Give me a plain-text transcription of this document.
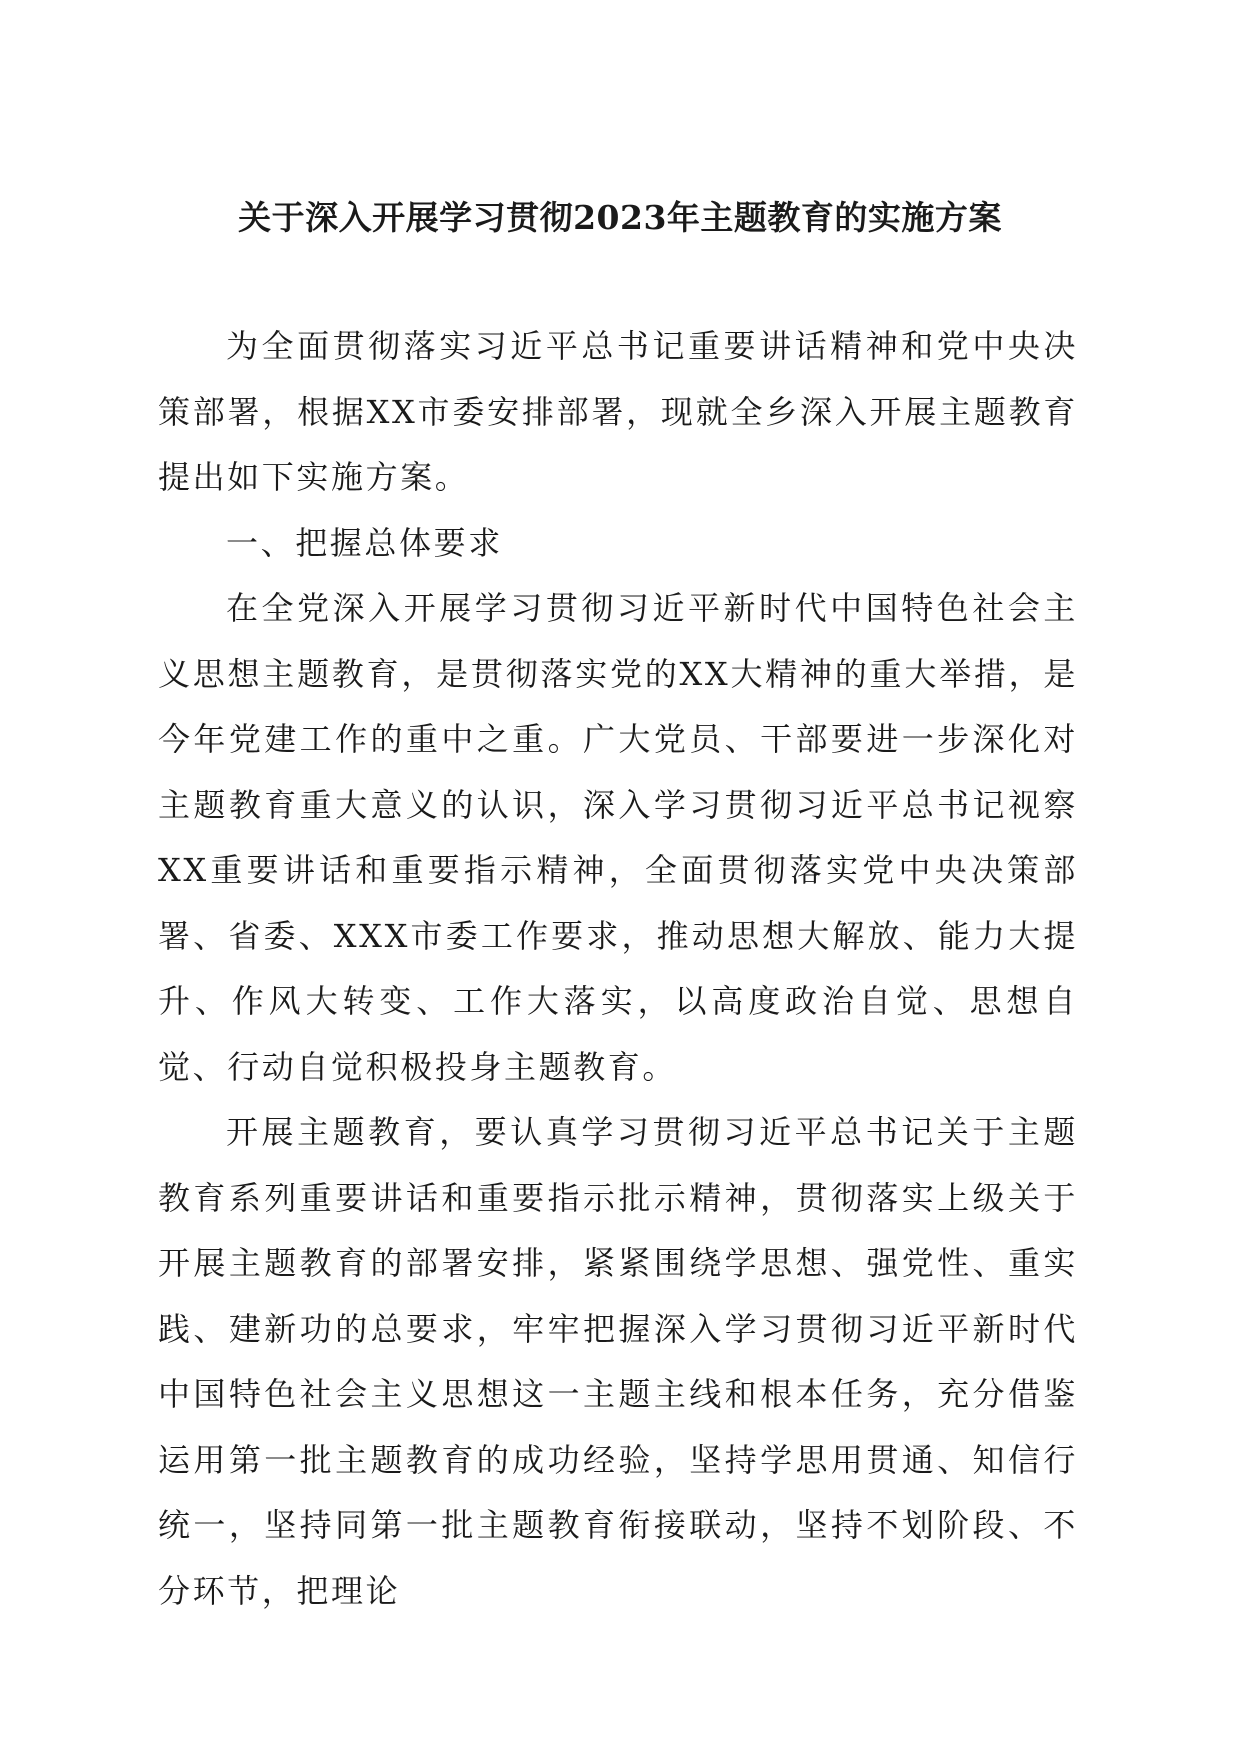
关于深入开展学习贯彻2023年主题教育的实施方案

为全面贯彻落实习近平总书记重要讲话精神和党中央决策部署，根据XX市委安排部署，现就全乡深入开展主题教育提出如下实施方案。

一、把握总体要求

在全党深入开展学习贯彻习近平新时代中国特色社会主义思想主题教育，是贯彻落实党的XX大精神的重大举措，是今年党建工作的重中之重。广大党员、干部要进一步深化对主题教育重大意义的认识，深入学习贯彻习近平总书记视察XX重要讲话和重要指示精神，全面贯彻落实党中央决策部署、省委、XXX市委工作要求，推动思想大解放、能力大提升、作风大转变、工作大落实，以高度政治自觉、思想自觉、行动自觉积极投身主题教育。

开展主题教育，要认真学习贯彻习近平总书记关于主题教育系列重要讲话和重要指示批示精神，贯彻落实上级关于开展主题教育的部署安排，紧紧围绕学思想、强党性、重实践、建新功的总要求，牢牢把握深入学习贯彻习近平新时代中国特色社会主义思想这一主题主线和根本任务，充分借鉴运用第一批主题教育的成功经验，坚持学思用贯通、知信行统一，坚持同第一批主题教育衔接联动，坚持不划阶段、不分环节，把理论
